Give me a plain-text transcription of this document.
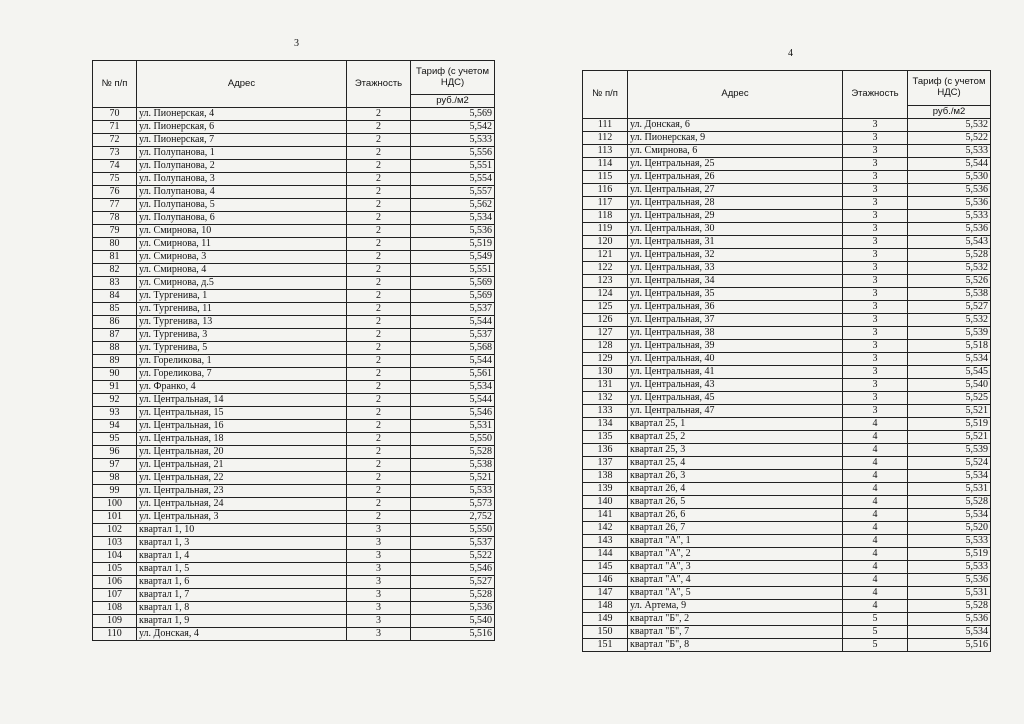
3
4
№ п/п	Адрес	Этажность	Тариф (с учетом НДС)
			руб./м2
70	ул. Пионерская, 4	2	5,569
71	ул. Пионерская, 6	2	5,542
72	ул. Пионерская, 7	2	5,533
73	ул. Полупанова, 1	2	5,556
74	ул. Полупанова, 2	2	5,551
75	ул. Полупанова, 3	2	5,554
76	ул. Полупанова, 4	2	5,557
77	ул. Полупанова, 5	2	5,562
78	ул. Полупанова, 6	2	5,534
79	ул. Смирнова, 10	2	5,536
80	ул. Смирнова, 11	2	5,519
81	ул. Смирнова, 3	2	5,549
82	ул. Смирнова, 4	2	5,551
83	ул. Смирнова, д.5	2	5,569
84	ул. Тургенива, 1	2	5,569
85	ул. Тургенива, 11	2	5,537
86	ул. Тургенива, 13	2	5,544
87	ул. Тургенива, 3	2	5,537
88	ул. Тургенива, 5	2	5,568
89	ул. Гореликова, 1	2	5,544
90	ул. Гореликова, 7	2	5,561
91	ул. Франко, 4	2	5,534
92	ул. Центральная, 14	2	5,544
93	ул. Центральная, 15	2	5,546
94	ул. Центральная, 16	2	5,531
95	ул. Центральная, 18	2	5,550
96	ул. Центральная, 20	2	5,528
97	ул. Центральная, 21	2	5,538
98	ул. Центральная, 22	2	5,521
99	ул. Центральная, 23	2	5,533
100	ул. Центральная, 24	2	5,573
101	ул. Центральная, 3	2	2,752
102	квартал 1, 10	3	5,550
103	квартал 1, 3	3	5,537
104	квартал 1, 4	3	5,522
105	квартал 1, 5	3	5,546
106	квартал 1, 6	3	5,527
107	квартал 1, 7	3	5,528
108	квартал 1, 8	3	5,536
109	квартал 1, 9	3	5,540
110	ул. Донская, 4	3	5,516
№ п/п	Адрес	Этажность	Тариф (с учетом НДС)
			руб./м2
111	ул. Донская, 6	3	5,532
112	ул. Пионерская, 9	3	5,522
113	ул. Смирнова, 6	3	5,533
114	ул. Центральная, 25	3	5,544
115	ул. Центральная, 26	3	5,530
116	ул. Центральная, 27	3	5,536
117	ул. Центральная, 28	3	5,536
118	ул. Центральная, 29	3	5,533
119	ул. Центральная, 30	3	5,536
120	ул. Центральная, 31	3	5,543
121	ул. Центральная, 32	3	5,528
122	ул. Центральная, 33	3	5,532
123	ул. Центральная, 34	3	5,526
124	ул. Центральная, 35	3	5,538
125	ул. Центральная, 36	3	5,527
126	ул. Центральная, 37	3	5,532
127	ул. Центральная, 38	3	5,539
128	ул. Центральная, 39	3	5,518
129	ул. Центральная, 40	3	5,534
130	ул. Центральная, 41	3	5,545
131	ул. Центральная, 43	3	5,540
132	ул. Центральная, 45	3	5,525
133	ул. Центральная, 47	3	5,521
134	квартал 25, 1	4	5,519
135	квартал 25, 2	4	5,521
136	квартал 25, 3	4	5,539
137	квартал 25, 4	4	5,524
138	квартал 26, 3	4	5,534
139	квартал 26, 4	4	5,531
140	квартал 26, 5	4	5,528
141	квартал 26, 6	4	5,534
142	квартал 26, 7	4	5,520
143	квартал "А", 1	4	5,533
144	квартал "А", 2	4	5,519
145	квартал "А", 3	4	5,533
146	квартал "А", 4	4	5,536
147	квартал "А", 5	4	5,531
148	ул. Артема, 9	4	5,528
149	квартал "Б", 2	5	5,536
150	квартал "Б", 7	5	5,534
151	квартал "Б", 8	5	5,516
